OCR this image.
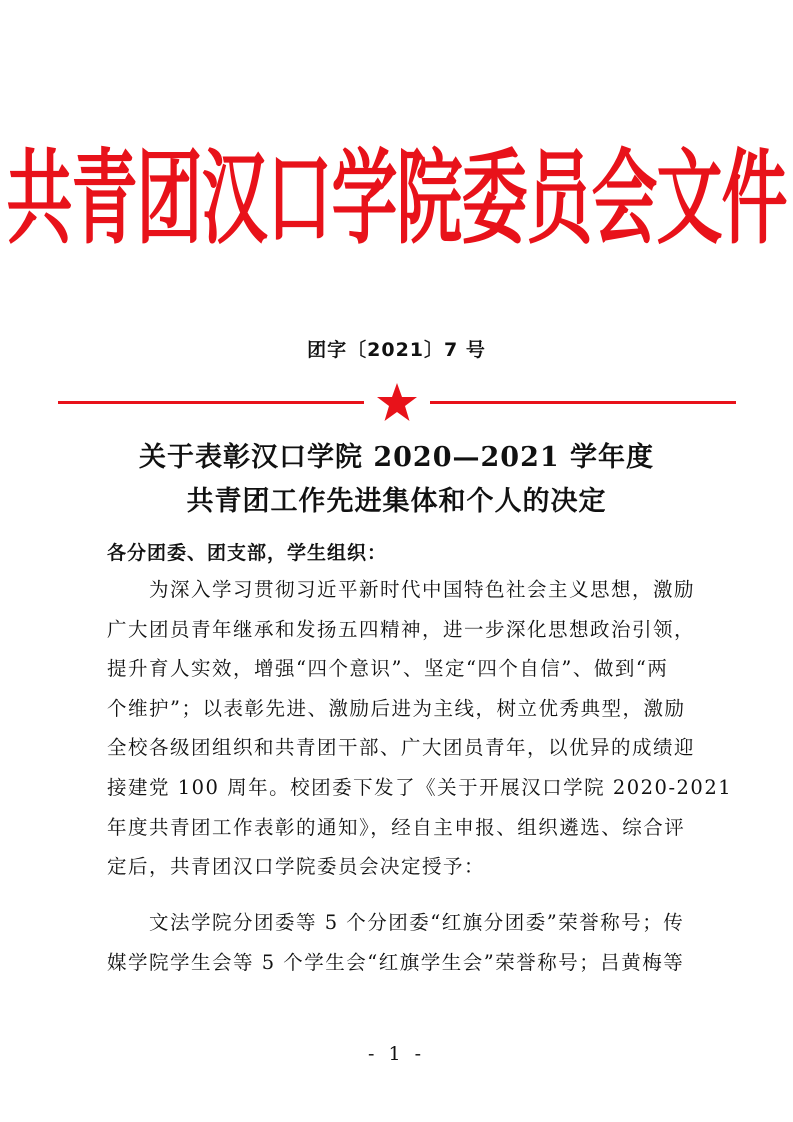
共青团汉口学院委员会文件
团字〔2021〕7 号
关于表彰汉口学院 2020—2021 学年度
共青团工作先进集体和个人的决定
各分团委、团支部，学生组织：
　　为深入学习贯彻习近平新时代中国特色社会主义思想，激励
广大团员青年继承和发扬五四精神，进一步深化思想政治引领，
提升育人实效，增强“四个意识”、坚定“四个自信”、做到“两
个维护”；以表彰先进、激励后进为主线，树立优秀典型，激励
全校各级团组织和共青团干部、广大团员青年，以优异的成绩迎
接建党 100 周年。校团委下发了《关于开展汉口学院 2020-2021
年度共青团工作表彰的通知》，经自主申报、组织遴选、综合评
定后，共青团汉口学院委员会决定授予：
　　文法学院分团委等 5 个分团委“红旗分团委”荣誉称号；传
媒学院学生会等 5 个学生会“红旗学生会”荣誉称号；吕黄梅等
- 1 -
